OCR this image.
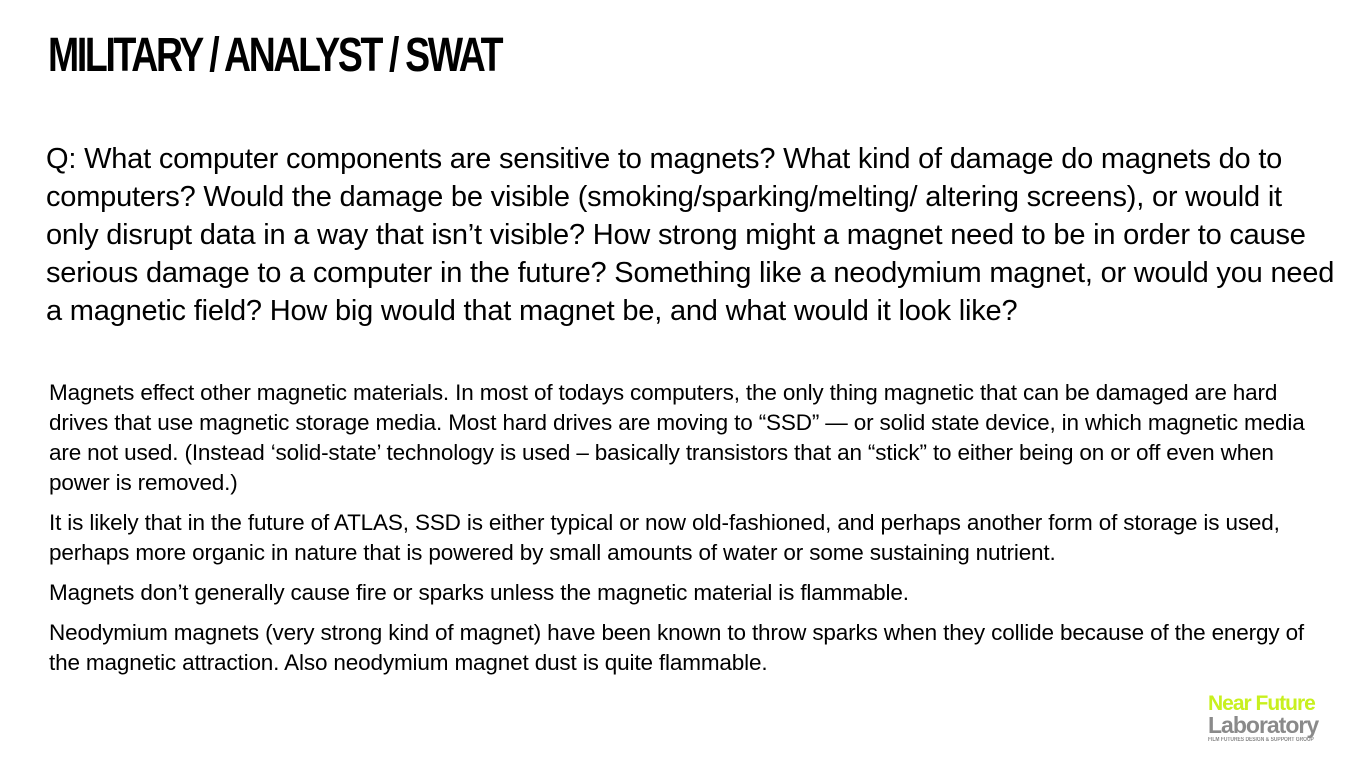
MILITARY / ANALYST / SWAT

Q: What computer components are sensitive to magnets? What kind of damage do magnets do to computers? Would the damage be visible (smoking/sparking/melting/ altering screens), or would it only disrupt data in a way that isn’t visible? How strong might a magnet need to be in order to cause serious damage to a computer in the future? Something like a neodymium magnet, or would you need a magnetic field? How big would that magnet be, and what would it look like?

Magnets effect other magnetic materials. In most of todays computers, the only thing magnetic that can be damaged are hard drives that use magnetic storage media. Most hard drives are moving to “SSD” — or solid state device, in which magnetic media are not used. (Instead ‘solid-state’ technology is used – basically transistors that an “stick” to either being on or off even when power is removed.)

It is likely that in the future of ATLAS, SSD is either typical or now old-fashioned, and perhaps another form of storage is used, perhaps more organic in nature that is powered by small amounts of water or some sustaining nutrient.

Magnets don’t generally cause fire or sparks unless the magnetic material is flammable.

Neodymium magnets (very strong kind of magnet) have been known to throw sparks when they collide because of the energy of the magnetic attraction. Also neodymium magnet dust is quite flammable.

Near Future
Laboratory
FILM FUTURES DESIGN & SUPPORT GROUP
